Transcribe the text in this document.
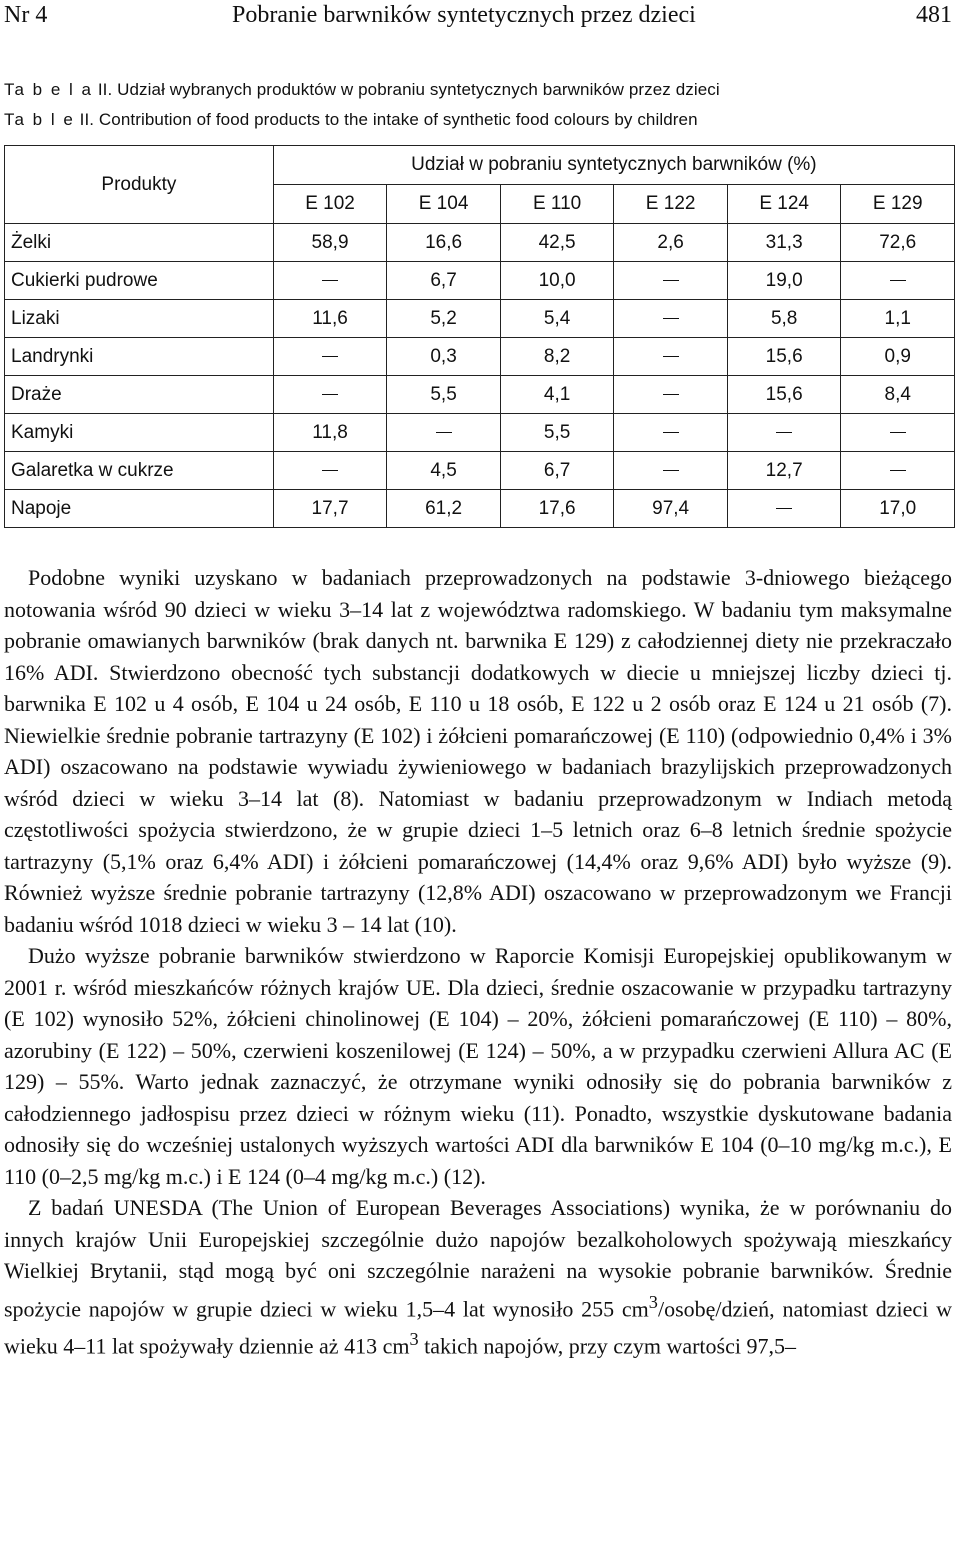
Nr 4	Pobranie barwników syntetycznych przez dzieci	481
Ta b e l a II. Udział wybranych produktów w pobraniu syntetycznych barwników przez dzieci
Ta b l e II. Contribution of food products to the intake of synthetic food colours by children
Produkty	Udział w pobraniu syntetycznych barwników (%)					
	E 102	E 104	E 110	E 122	E 124	E 129
Żelki	58,9	16,6	42,5	2,6	31,3	72,6
Cukierki pudrowe		6,7	10,0		19,0	
Lizaki	11,6	5,2	5,4		5,8	1,1
Landrynki		0,3	8,2		15,6	0,9
Draże		5,5	4,1		15,6	8,4
Kamyki	11,8		5,5			
Galaretka w cukrze		4,5	6,7		12,7	
Napoje	17,7	61,2	17,6	97,4		17,0

Podobne wyniki uzyskano w badaniach przeprowadzonych na podstawie 3-dniowego bieżącego notowania wśród 90 dzieci w wieku 3–14 lat z województwa radomskiego. W badaniu tym maksymalne pobranie omawianych barwników (brak danych nt. barwnika E 129) z całodziennej diety nie przekraczało 16% ADI. Stwierdzono obecność tych substancji dodatkowych w diecie u mniejszej liczby dzieci tj. barwnika E 102 u 4 osób, E 104 u 24 osób, E 110 u 18 osób, E 122 u 2 osób oraz E 124 u 21 osób (7). Niewielkie średnie pobranie tartrazyny (E 102) i żółcieni pomarańczowej (E 110) (odpowiednio 0,4% i 3% ADI) oszacowano na podstawie wywiadu żywieniowego w badaniach brazylijskich przeprowadzonych wśród dzieci w wieku 3–14 lat (8). Natomiast w badaniu przeprowadzonym w Indiach metodą częstotliwości spożycia stwierdzono, że w grupie dzieci 1–5 letnich oraz 6–8 letnich średnie spożycie tartrazyny (5,1% oraz 6,4% ADI) i żółcieni pomarańczowej (14,4% oraz 9,6% ADI) było wyższe (9). Również wyższe średnie pobranie tartrazyny (12,8% ADI) oszacowano w przeprowadzonym we Francji badaniu wśród 1018 dzieci w wieku 3 – 14 lat (10).

Dużo wyższe pobranie barwników stwierdzono w Raporcie Komisji Europejskiej opublikowanym w 2001 r. wśród mieszkańców różnych krajów UE. Dla dzieci, średnie oszacowanie w przypadku tartrazyny (E 102) wynosiło 52%, żółcieni chinolinowej (E 104) – 20%, żółcieni pomarańczowej (E 110) – 80%, azorubiny (E 122) – 50%, czerwieni koszenilowej (E 124) – 50%, a w przypadku czerwieni Allura AC (E 129) – 55%. Warto jednak zaznaczyć, że otrzymane wyniki odnosiły się do pobrania barwników z całodziennego jadłospisu przez dzieci w różnym wieku (11). Ponadto, wszystkie dyskutowane badania odnosiły się do wcześniej ustalonych wyższych wartości ADI dla barwników E 104 (0–10 mg/kg m.c.), E 110 (0–2,5 mg/kg m.c.) i E 124 (0–4 mg/kg m.c.) (12).

Z badań UNESDA (The Union of European Beverages Associations) wynika, że w porównaniu do innych krajów Unii Europejskiej szczególnie dużo napojów bezalkoholowych spożywają mieszkańcy Wielkiej Brytanii, stąd mogą być oni szczególnie narażeni na wysokie pobranie barwników. Średnie spożycie napojów w grupie dzieci w wieku 1,5–4 lat wynosiło 255 $cm^3/osobę$/dzień, natomiast dzieci w wieku 4–11 lat spożywały dziennie aż 413 $cm^3$ takich napojów, przy czym wartości 97,5–
